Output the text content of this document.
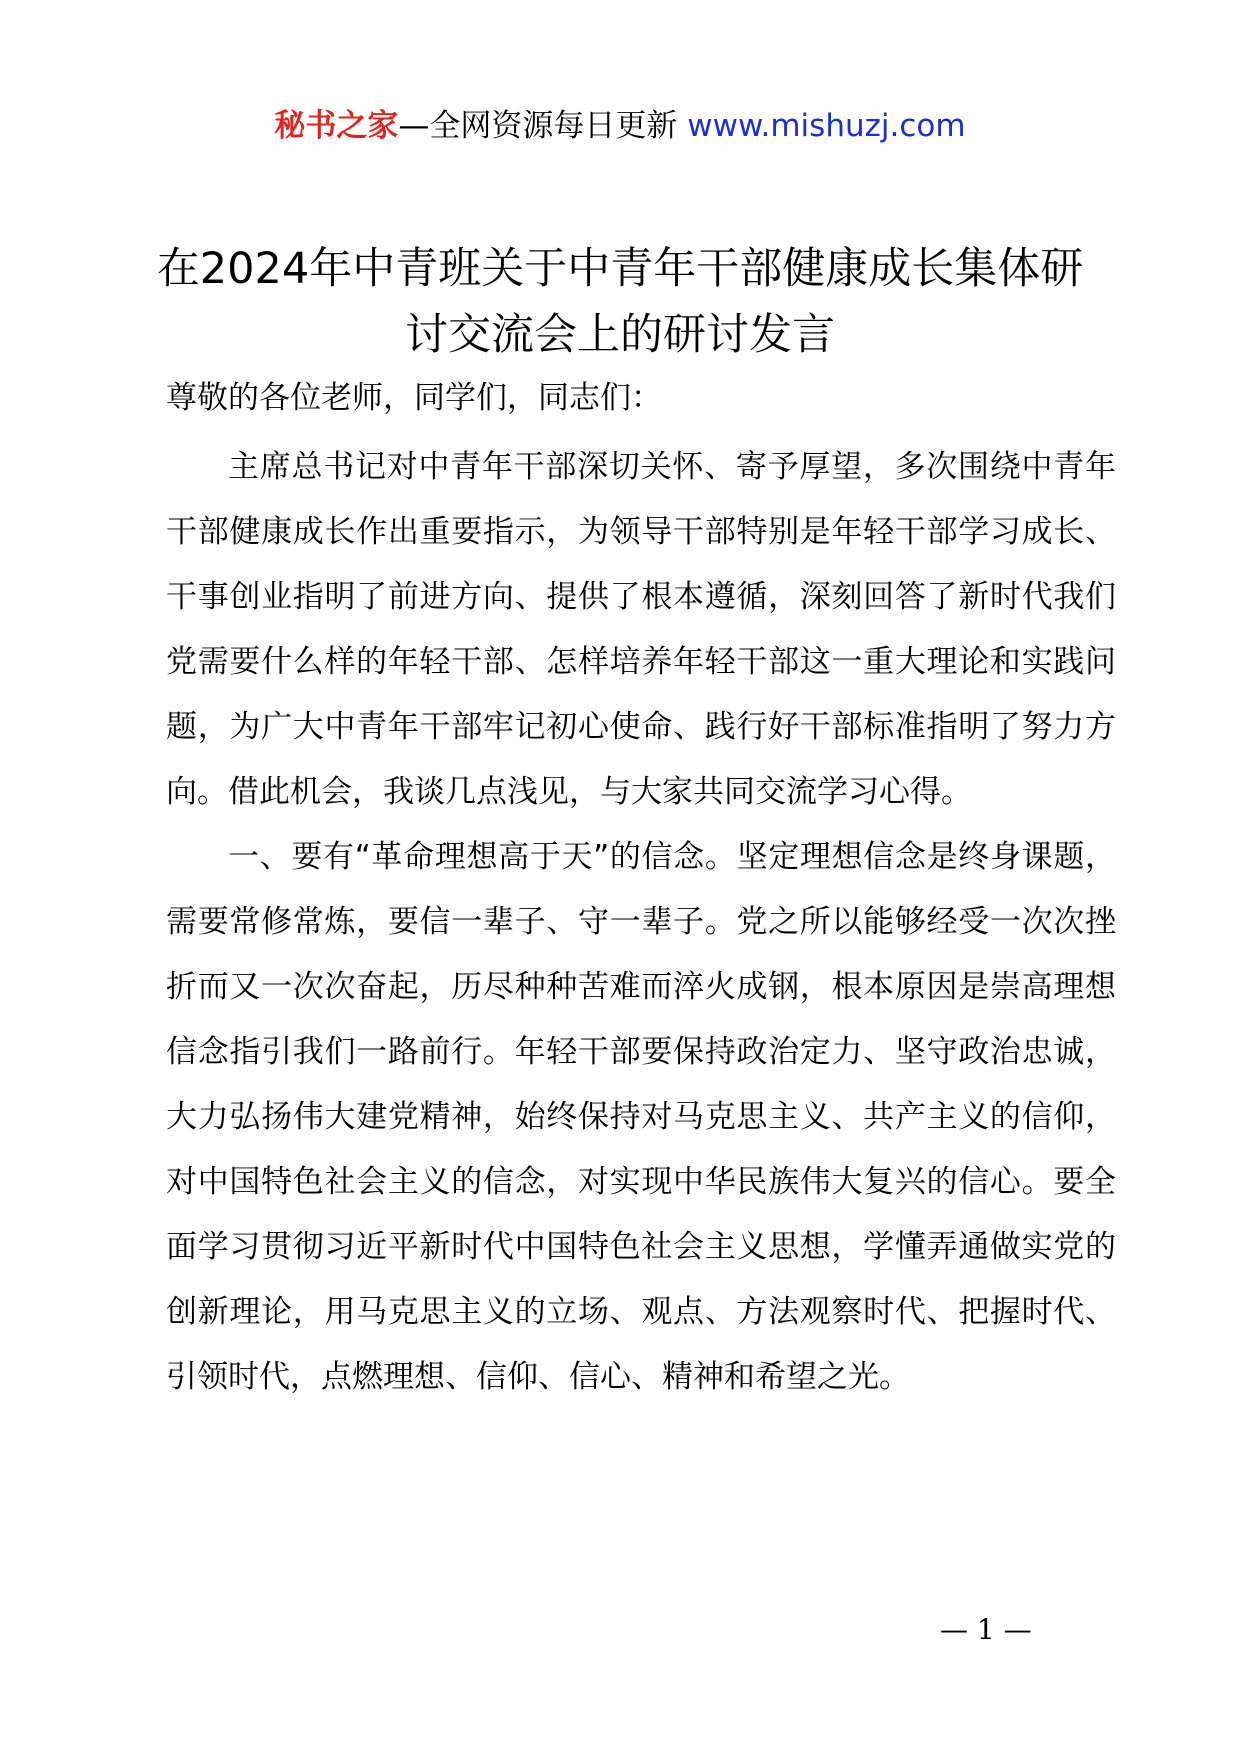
秘书之家—全网资源每日更新 www.mishuzj.com
在2024年中青班关于中青年干部健康成长集体研讨交流会上的研讨发言

尊敬的各位老师，同学们，同志们：

主席总书记对中青年干部深切关怀、寄予厚望，多次围绕中青年干部健康成长作出重要指示，为领导干部特别是年轻干部学习成长、干事创业指明了前进方向、提供了根本遵循，深刻回答了新时代我们党需要什么样的年轻干部、怎样培养年轻干部这一重大理论和实践问题，为广大中青年干部牢记初心使命、践行好干部标准指明了努力方向。借此机会，我谈几点浅见，与大家共同交流学习心得。

一、要有“革命理想高于天”的信念。坚定理想信念是终身课题，需要常修常炼，要信一辈子、守一辈子。党之所以能够经受一次次挫折而又一次次奋起，历尽种种苦难而淬火成钢，根本原因是崇高理想信念指引我们一路前行。年轻干部要保持政治定力、坚守政治忠诚，大力弘扬伟大建党精神，始终保持对马克思主义、共产主义的信仰，对中国特色社会主义的信念，对实现中华民族伟大复兴的信心。要全面学习贯彻习近平新时代中国特色社会主义思想，学懂弄通做实党的创新理论，用马克思主义的立场、观点、方法观察时代、把握时代、引领时代，点燃理想、信仰、信心、精神和希望之光。

— 1 —
